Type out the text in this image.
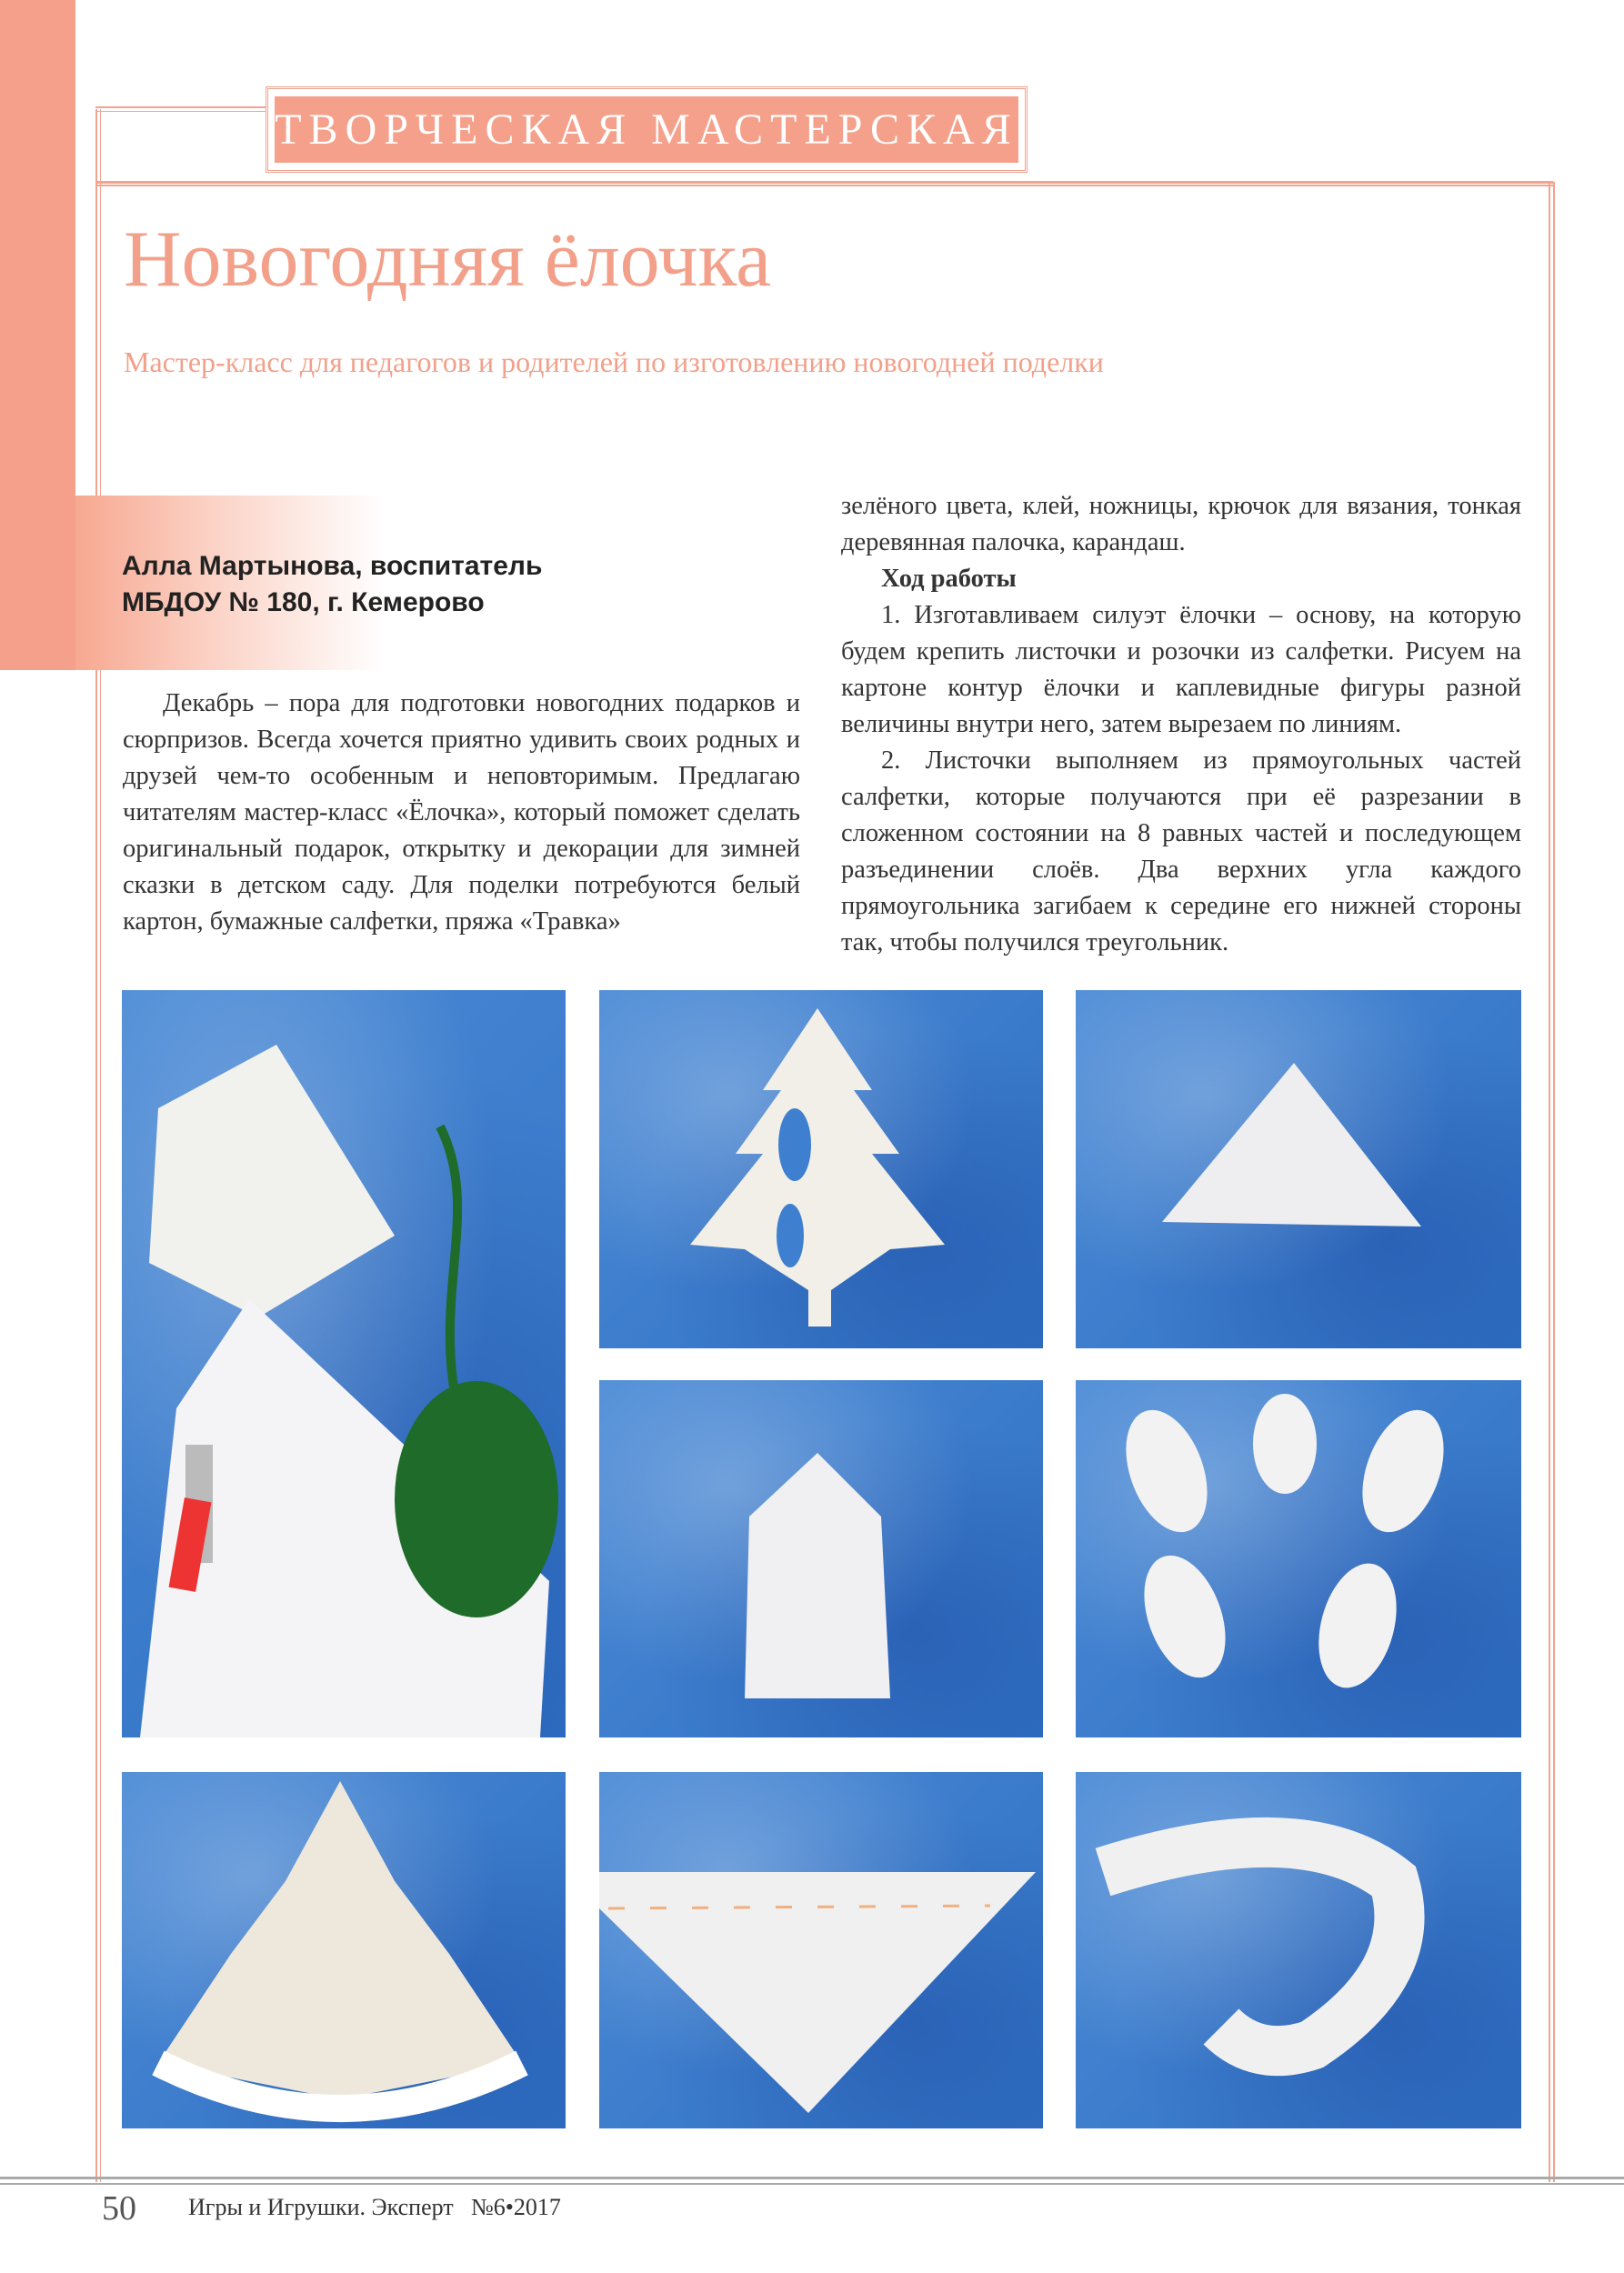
ТВОРЧЕСКАЯ МАСТЕРСКАЯ
Новогодняя ёлочка
Мастер-класс для педагогов и родителей по изготовлению новогодней поделки
Алла Мартынова, воспитатель
МБДОУ № 180, г. Кемерово

Декабрь – пора для подготовки новогодних подарков и сюрпризов. Всегда хочется приятно удивить своих родных и друзей чем-то особенным и неповторимым. Предлагаю читателям мастер-класс «Ёлочка», который поможет сделать оригинальный подарок, открытку и декорации для зимней сказки в детском саду. Для поделки потребуются белый картон, бумажные салфетки, пряжа «Травка»

зелёного цвета, клей, ножницы, крючок для вязания, тонкая деревянная палочка, карандаш.

Ход работы

1. Изготавливаем силуэт ёлочки – основу, на которую будем крепить листочки и розочки из салфетки. Рисуем на картоне контур ёлочки и каплевидные фигуры разной величины внутри него, затем вырезаем по линиям.

2. Листочки выполняем из прямоугольных частей салфетки, которые получаются при её разрезании в сложенном состоянии на 8 равных частей и последующем разъединении слоёв. Два верхних угла каждого прямоугольника загибаем к середине его нижней стороны так, чтобы получился треугольник.

50 Игры и Игрушки. Эксперт №6•2017
